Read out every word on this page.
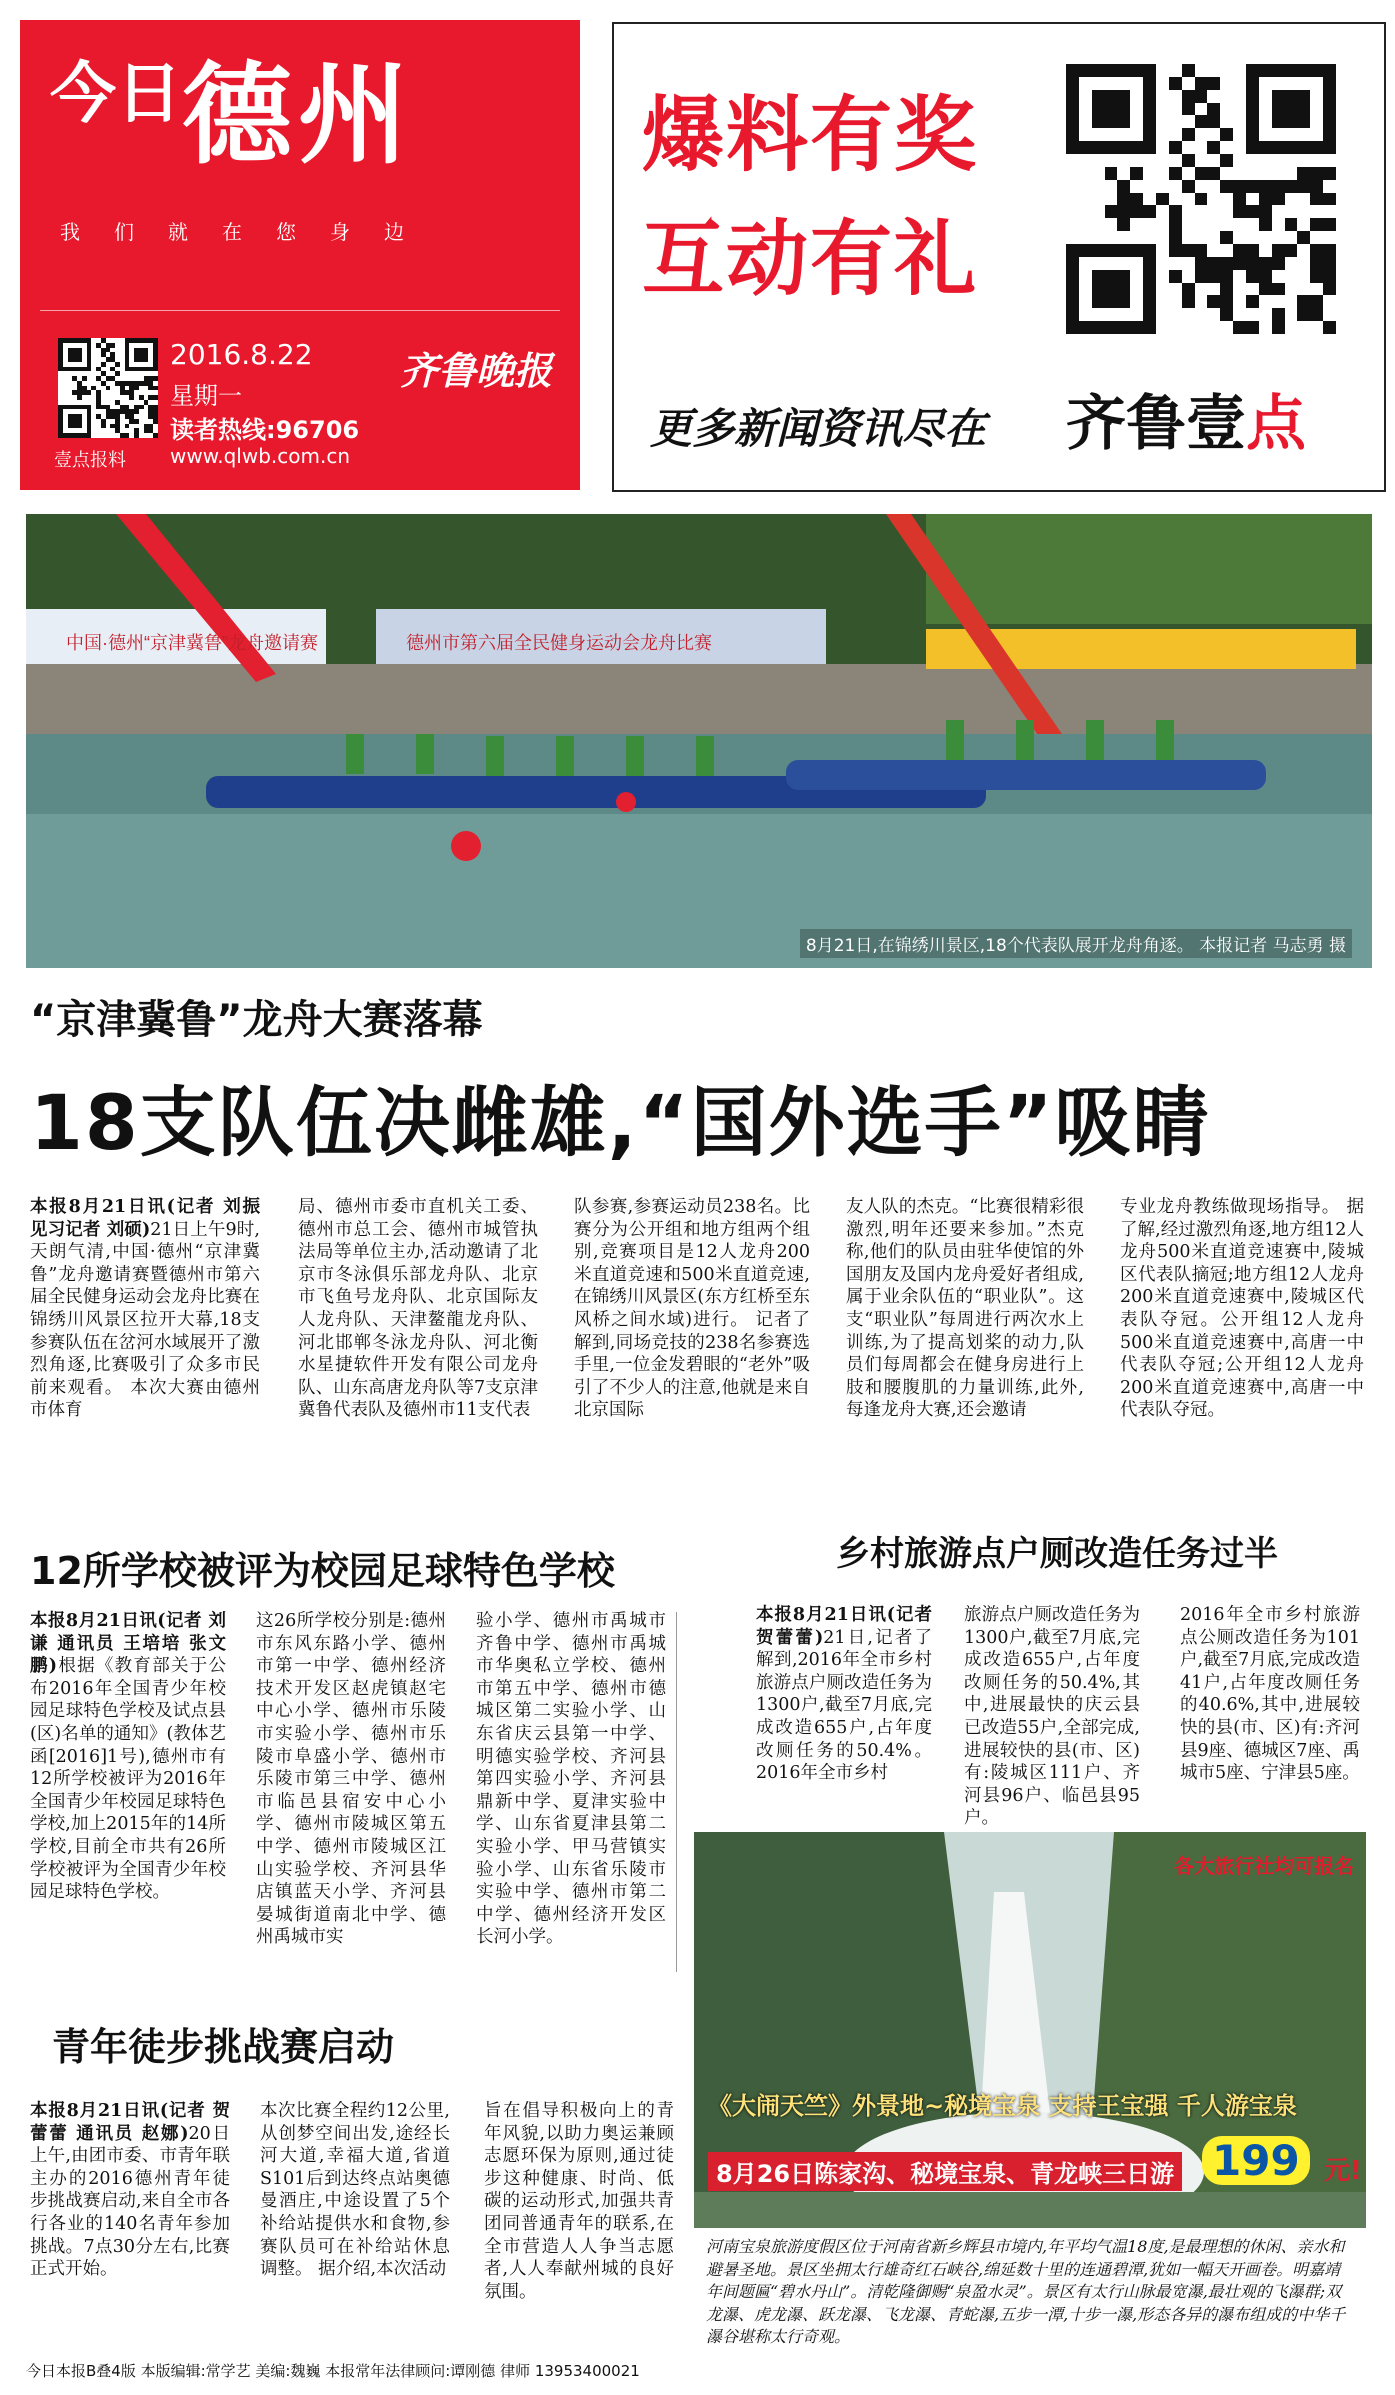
$^{今日}$德州
我们就在您身边
壹点报料
2016.8.22
星期一
读者热线:96706
www.qlwb.com.cn
齐鲁晚报
爆料有奖
互动有礼
更多新闻资讯尽在 齐鲁壹点
中国·德州“京津冀鲁”龙舟邀请赛	德州市第六届全民健身运动会龙舟比赛
8月21日,在锦绣川景区,18个代表队展开龙舟角逐。 本报记者 马志勇 摄
“京津冀鲁”龙舟大赛落幕
18支队伍决雌雄,“国外选手”吸睛
本报8月21日讯(记者 刘振 见习记者 刘硕)21日上午9时,天朗气清,中国·德州“京津冀鲁”龙舟邀请赛暨德州市第六届全民健身运动会龙舟比赛在锦绣川风景区拉开大幕,18支参赛队伍在岔河水域展开了激烈角逐,比赛吸引了众多市民前来观看。 本次大赛由德州市体育
局、德州市委市直机关工委、德州市总工会、德州市城管执法局等单位主办,活动邀请了北京市冬泳俱乐部龙舟队、北京市飞鱼号龙舟队、北京国际友人龙舟队、天津鳌龍龙舟队、河北邯郸冬泳龙舟队、河北衡水星捷软件开发有限公司龙舟队、山东高唐龙舟队等7支京津冀鲁代表队及德州市11支代表
队参赛,参赛运动员238名。比赛分为公开组和地方组两个组别,竞赛项目是12人龙舟200米直道竞速和500米直道竞速,在锦绣川风景区(东方红桥至东风桥之间水域)进行。 记者了解到,同场竞技的238名参赛选手里,一位金发碧眼的“老外”吸引了不少人的注意,他就是来自北京国际
友人队的杰克。“比赛很精彩很激烈,明年还要来参加。”杰克称,他们的队员由驻华使馆的外国朋友及国内龙舟爱好者组成,属于业余队伍的“职业队”。这支“职业队”每周进行两次水上训练,为了提高划桨的动力,队员们每周都会在健身房进行上肢和腰腹肌的力量训练,此外,每逢龙舟大赛,还会邀请
专业龙舟教练做现场指导。 据了解,经过激烈角逐,地方组12人龙舟500米直道竞速赛中,陵城区代表队摘冠;地方组12人龙舟200米直道竞速赛中,陵城区代表队夺冠。公开组12人龙舟500米直道竞速赛中,高唐一中代表队夺冠;公开组12人龙舟200米直道竞速赛中,高唐一中代表队夺冠。
12所学校被评为校园足球特色学校
本报8月21日讯(记者 刘谦 通讯员 王培培 张文鹏)根据《教育部关于公布2016年全国青少年校园足球特色学校及试点县(区)名单的通知》(教体艺函[2016]1号),德州市有12所学校被评为2016年全国青少年校园足球特色学校,加上2015年的14所学校,目前全市共有26所学校被评为全国青少年校园足球特色学校。
这26所学校分别是:德州市东风东路小学、德州市第一中学、德州经济技术开发区赵虎镇赵宅中心小学、德州市乐陵市实验小学、德州市乐陵市阜盛小学、德州市乐陵市第三中学、德州市临邑县宿安中心小学、德州市陵城区第五中学、德州市陵城区江山实验学校、齐河县华店镇蓝天小学、齐河县晏城街道南北中学、德州禹城市实
验小学、德州市禹城市齐鲁中学、德州市禹城市华奥私立学校、德州市第五中学、德州市德城区第二实验小学、山东省庆云县第一中学、明德实验学校、齐河县第四实验小学、齐河县鼎新中学、夏津实验中学、山东省夏津县第二实验小学、甲马营镇实验小学、山东省乐陵市实验中学、德州市第二中学、德州经济开发区长河小学。
乡村旅游点户厕改造任务过半
本报8月21日讯(记者 贺蕾蕾)21日,记者了解到,2016年全市乡村旅游点户厕改造任务为1300户,截至7月底,完成改造655户,占年度改厕任务的50.4%。 2016年全市乡村
旅游点户厕改造任务为1300户,截至7月底,完成改造655户,占年度改厕任务的50.4%,其中,进展最快的庆云县已改造55户,全部完成,进展较快的县(市、区)有:陵城区111户、齐河县96户、临邑县95户。
2016年全市乡村旅游点公厕改造任务为101户,截至7月底,完成改造41户,占年度改厕任务的40.6%,其中,进展较快的县(市、区)有:齐河县9座、德城区7座、禹城市5座、宁津县5座。
青年徒步挑战赛启动
本报8月21日讯(记者 贺蕾蕾 通讯员 赵娜)20日上午,由团市委、市青年联主办的2016德州青年徒步挑战赛启动,来自全市各行各业的140名青年参加挑战。7点30分左右,比赛正式开始。
本次比赛全程约12公里,从创梦空间出发,途经长河大道,幸福大道,省道S101后到达终点站奥德曼酒庄,中途设置了5个补给站提供水和食物,参赛队员可在补给站休息调整。 据介绍,本次活动
旨在倡导积极向上的青年风貌,以助力奥运兼顾志愿环保为原则,通过徒步这种健康、时尚、低碳的运动形式,加强共青团同普通青年的联系,在全市营造人人争当志愿者,人人奉献州城的良好氛围。
各大旅行社均可报名
《大闹天竺》外景地~秘境宝泉 支持王宝强 千人游宝泉
8月26日陈家沟、秘境宝泉、青龙峡三日游 199 元!
河南宝泉旅游度假区位于河南省新乡辉县市境内,年平均气温18度,是最理想的休闲、亲水和避暑圣地。景区坐拥太行雄奇红石峡谷,绵延数十里的连通碧潭,犹如一幅天开画卷。明嘉靖年间题匾“碧水丹山”。清乾隆御赐“泉盈水灵”。景区有太行山脉最宽瀑,最壮观的飞瀑群;双龙瀑、虎龙瀑、跃龙瀑、飞龙瀑、青蛇瀑,五步一潭,十步一瀑,形态各异的瀑布组成的中华千瀑谷堪称太行奇观。
今日本报B叠4版 本版编辑:常学艺 美编:魏巍 本报常年法律顾问:谭刚德 律师 13953400021
